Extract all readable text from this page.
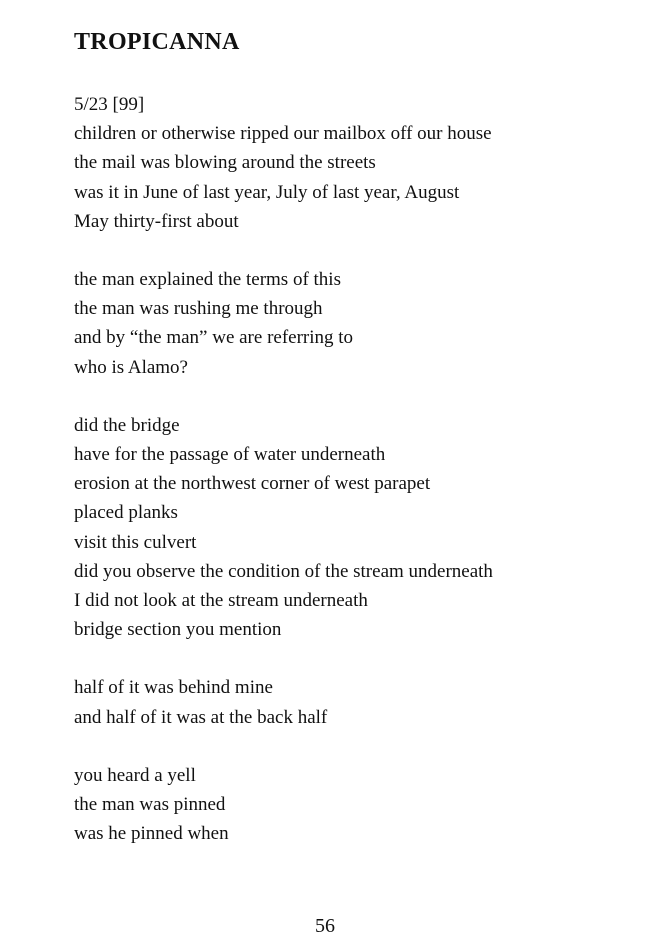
TROPICANNA
5/23 [99]
children or otherwise ripped our mailbox off our house
the mail was blowing around the streets
was it in June of last year, July of last year, August
May thirty-first about
the man explained the terms of this
the man was rushing me through
and by “the man” we are referring to
who is Alamo?
did the bridge
have for the passage of water underneath
erosion at the northwest corner of west parapet
placed planks
visit this culvert
did you observe the condition of the stream underneath
I did not look at the stream underneath
bridge section you mention
half of it was behind mine
and half of it was at the back half
you heard a yell
the man was pinned
was he pinned when
56
